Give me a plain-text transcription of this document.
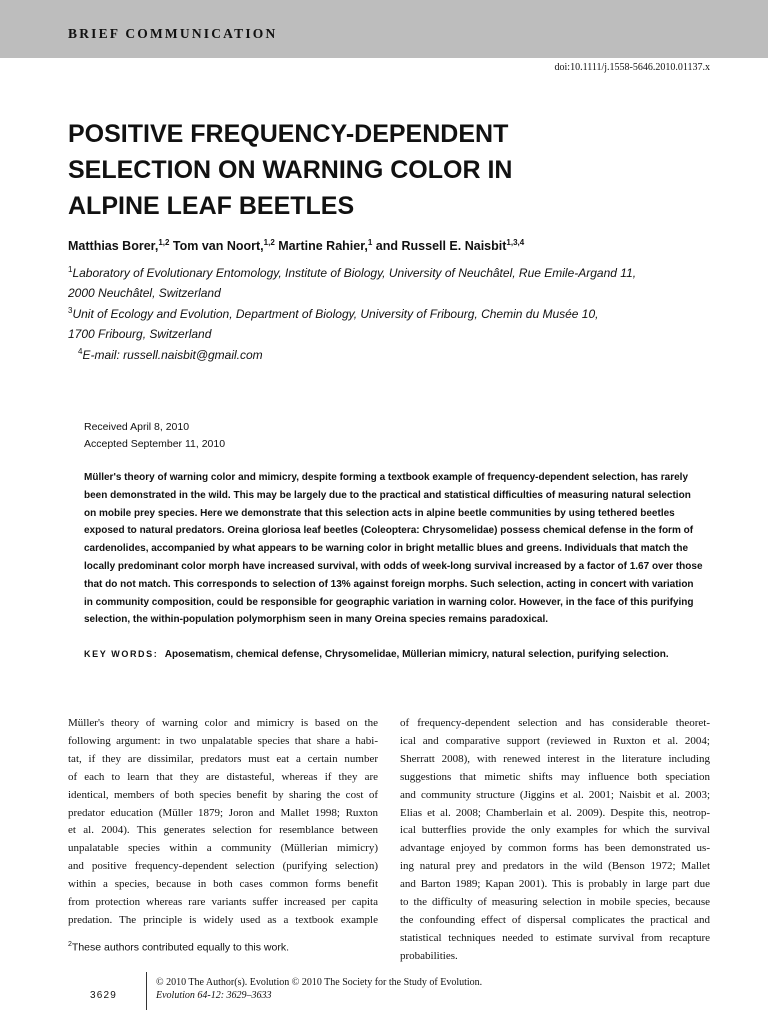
BRIEF COMMUNICATION
doi:10.1111/j.1558-5646.2010.01137.x
POSITIVE FREQUENCY-DEPENDENT
SELECTION ON WARNING COLOR IN
ALPINE LEAF BEETLES
Matthias Borer,$^{1,2}$ Tom van Noort,$^{1,2}$ Martine Rahier,$^1$ and Russell E. Naisbit$^{1,3,4}$
$^1$Laboratory of Evolutionary Entomology, Institute of Biology, University of Neuchâtel, Rue Emile-Argand 11,
2000 Neuchâtel, Switzerland
$^3$Unit of Ecology and Evolution, Department of Biology, University of Fribourg, Chemin du Musée 10,
1700 Fribourg, Switzerland
$^4$E-mail: russell.naisbit@gmail.com
Received April 8, 2010
Accepted September 11, 2010
Müller's theory of warning color and mimicry, despite forming a textbook example of frequency-dependent selection, has rarely
been demonstrated in the wild. This may be largely due to the practical and statistical difficulties of measuring natural selection
on mobile prey species. Here we demonstrate that this selection acts in alpine beetle communities by using tethered beetles
exposed to natural predators. Oreina gloriosa leaf beetles (Coleoptera: Chrysomelidae) possess chemical defense in the form of
cardenolides, accompanied by what appears to be warning color in bright metallic blues and greens. Individuals that match the
locally predominant color morph have increased survival, with odds of week-long survival increased by a factor of 1.67 over those
that do not match. This corresponds to selection of 13% against foreign morphs. Such selection, acting in concert with variation
in community composition, could be responsible for geographic variation in warning color. However, in the face of this purifying
selection, the within-population polymorphism seen in many Oreina species remains paradoxical.
KEY WORDS: Aposematism, chemical defense, Chrysomelidae, Müllerian mimicry, natural selection, purifying selection.
Müller's theory of warning color and mimicry is based on the
following argument: in two unpalatable species that share a habi-
tat, if they are dissimilar, predators must eat a certain number
of each to learn that they are distasteful, whereas if they are
identical, members of both species benefit by sharing the cost of
predator education (Müller 1879; Joron and Mallet 1998; Ruxton
et al. 2004). This generates selection for resemblance between
unpalatable species within a community (Müllerian mimicry)
and positive frequency-dependent selection (purifying selection)
within a species, because in both cases common forms benefit
from protection whereas rare variants suffer increased per capita
predation. The principle is widely used as a textbook example
of frequency-dependent selection and has considerable theoret-
ical and comparative support (reviewed in Ruxton et al. 2004;
Sherratt 2008), with renewed interest in the literature including
suggestions that mimetic shifts may influence both speciation
and community structure (Jiggins et al. 2001; Naisbit et al. 2003;
Elias et al. 2008; Chamberlain et al. 2009). Despite this, neotrop-
ical butterflies provide the only examples for which the survival
advantage enjoyed by common forms has been demonstrated us-
ing natural prey and predators in the wild (Benson 1972; Mallet
and Barton 1989; Kapan 2001). This is probably in large part due
to the difficulty of measuring selection in mobile species, because
the confounding effect of dispersal complicates the practical and
statistical techniques needed to estimate survival from recapture
probabilities.
$^2$These authors contributed equally to this work.
3629
© 2010 The Author(s). Evolution © 2010 The Society for the Study of Evolution.
Evolution 64-12: 3629–3633
